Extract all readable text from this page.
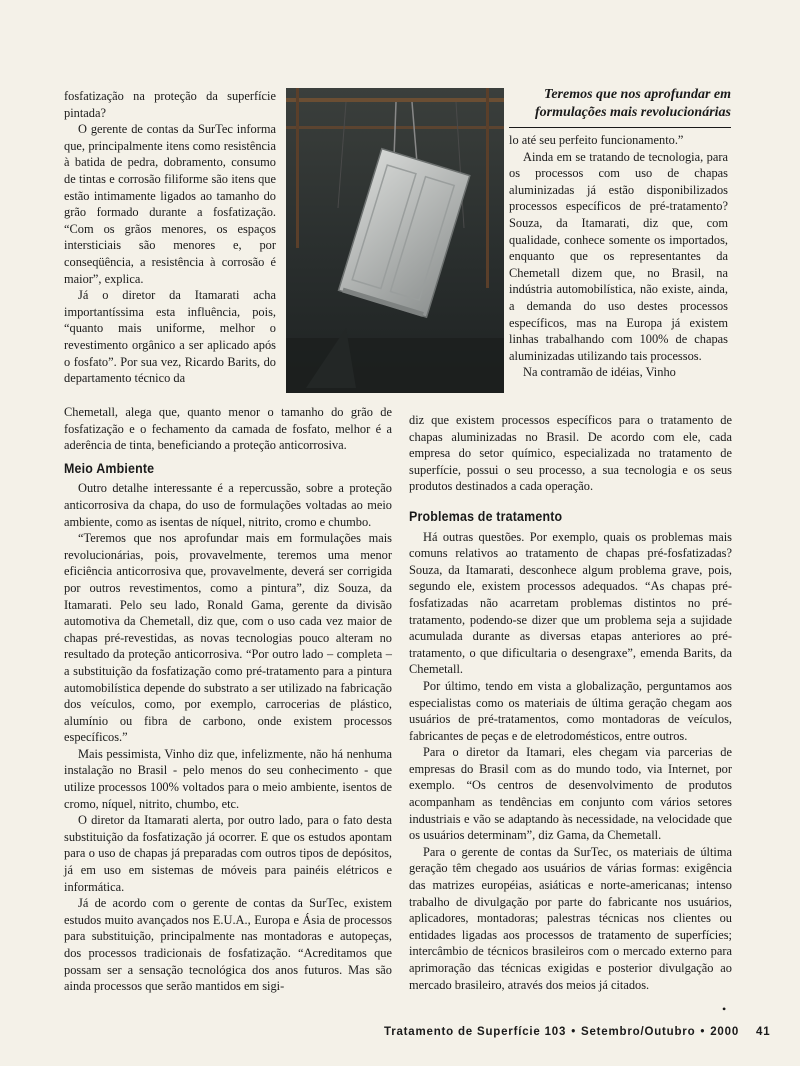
fosfatização na proteção da superfície pintada?

O gerente de contas da SurTec informa que, principalmente itens como resistência à batida de pedra, dobramento, consumo de tintas e corrosão filiforme são itens que estão intimamente ligados ao tamanho do grão formado durante a fosfatização. “Com os grãos menores, os espaços intersticiais são menores e, por conseqüência, a resistência à corrosão é maior”, explica.

Já o diretor da Itamarati acha importantíssima esta influência, pois, “quanto mais uniforme, melhor o revestimento orgânico a ser aplicado após o fosfato”. Por sua vez, Ricardo Barits, do departamento técnico da

Teremos que nos aprofundar em
formulações mais revolucionárias

Chemetall, alega que, quanto menor o tamanho do grão de fosfatização e o fechamento da camada de fosfato, melhor é a aderência de tinta, beneficiando a proteção anticorrosiva.

Meio Ambiente

Outro detalhe interessante é a repercussão, sobre a proteção anticorrosiva da chapa, do uso de formulações voltadas ao meio ambiente, como as isentas de níquel, nitrito, cromo e chumbo.

“Teremos que nos aprofundar mais em formulações mais revolucionárias, pois, provavelmente, teremos uma menor eficiência anticorrosiva que, provavelmente, deverá ser corrigida por outros revestimentos, como a pintura”, diz Souza, da Itamarati. Pelo seu lado, Ronald Gama, gerente da divisão automotiva da Chemetall, diz que, com o uso cada vez maior de chapas pré-revestidas, as novas tecnologias pouco alteram no resultado da proteção anticorrosiva. “Por outro lado – completa – a substituição da fosfatização como pré-tratamento para a pintura automobilística depende do substrato a ser utilizado na fabricação dos veículos, como, por exemplo, carrocerias de plástico, alumínio ou fibra de carbono, onde existem processos específicos.”

Mais pessimista, Vinho diz que, infelizmente, não há nenhuma instalação no Brasil - pelo menos do seu conhecimento - que utilize processos 100% voltados para o meio ambiente, isentos de cromo, níquel, nitrito, chumbo, etc.

O diretor da Itamarati alerta, por outro lado, para o fato desta substituição da fosfatização já ocorrer. E que os estudos apontam para o uso de chapas já preparadas com outros tipos de depósitos, já em uso em sistemas de móveis para painéis elétricos e informática.

Já de acordo com o gerente de contas da SurTec, existem estudos muito avançados nos E.U.A., Europa e Ásia de processos para substituição, principalmente nas montadoras e autopeças, dos processos tradicionais de fosfatização. “Acreditamos que possam ser a sensação tecnológica dos anos futuros. Mas são ainda processos que serão mantidos em sigi-

lo até seu perfeito funcionamento.”

Ainda em se tratando de tecnologia, para os processos com uso de chapas aluminizadas já estão disponibilizados processos específicos de pré-tratamento? Souza, da Itamarati, diz que, com qualidade, conhece somente os importados, enquanto que os representantes da Chemetall dizem que, no Brasil, na indústria automobilística, não existe, ainda, a demanda do uso destes processos específicos, mas na Europa já existem linhas trabalhando com 100% de chapas aluminizadas utilizando tais processos.

Na contramão de idéias, Vinho

diz que existem processos específicos para o tratamento de chapas aluminizadas no Brasil. De acordo com ele, cada empresa do setor químico, especializada no tratamento de superfície, possui o seu processo, a sua tecnologia e os seus produtos destinados a cada operação.

Problemas de tratamento

Há outras questões. Por exemplo, quais os problemas mais comuns relativos ao tratamento de chapas pré-fosfatizadas? Souza, da Itamarati, desconhece algum problema grave, pois, segundo ele, existem processos adequados. “As chapas pré-fosfatizadas não acarretam problemas distintos no pré-tratamento, podendo-se dizer que um problema seja a sujidade acumulada durante as diversas etapas anteriores ao pré-tratamento, o que dificultaria o desengraxe”, emenda Barits, da Chemetall.

Por último, tendo em vista a globalização, perguntamos aos especialistas como os materiais de última geração chegam aos usuários de pré-tratamentos, como montadoras de veículos, fabricantes de peças e de eletrodomésticos, entre outros.

Para o diretor da Itamari, eles chegam via parcerias de empresas do Brasil com as do mundo todo, via Internet, por exemplo. “Os centros de desenvolvimento de produtos acompanham as tendências em conjunto com vários setores industriais e vão se adaptando às necessidade, na velocidade que os usuários determinam”, diz Gama, da Chemetall.

Para o gerente de contas da SurTec, os materiais de última geração têm chegado aos usuários de várias formas: exigência das matrizes européias, asiáticas e norte-americanas; intenso trabalho de divulgação por parte do fabricante nos usuários, aplicadores, montadoras; palestras técnicas nos clientes ou entidades ligadas aos processos de tratamento de superfícies; intercâmbio de técnicos brasileiros com o mercado externo para aprimoração das técnicas exigidas e posterior divulgação ao mercado brasileiro, através dos meios já citados.

•
Tratamento de Superfície 103 • Setembro/Outubro • 2000 41
